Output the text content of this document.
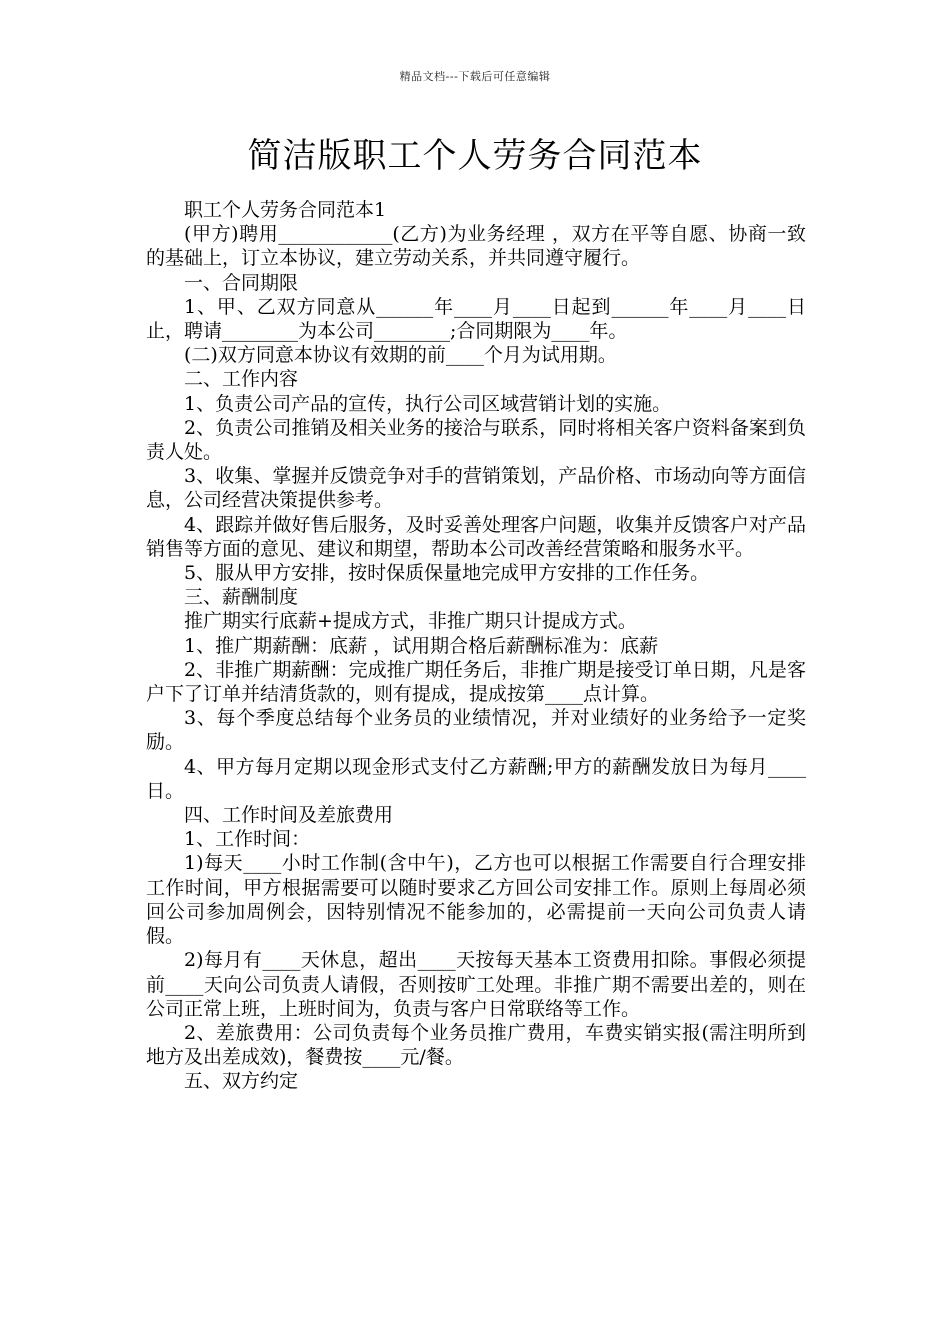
精品文档---下载后可任意编辑
简洁版职工个人劳务合同范本

职工个人劳务合同范本1

(甲方)聘用____________(乙方)为业务经理 ，双方在平等自愿、协商一致的基础上，订立本协议，建立劳动关系，并共同遵守履行。

一、合同期限

1、甲、乙双方同意从______年____月____日起到______年____月____日止，聘请________为本公司________;合同期限为____年。

(二)双方同意本协议有效期的前____个月为试用期。

二、工作内容

1、负责公司产品的宣传，执行公司区域营销计划的实施。

2、负责公司推销及相关业务的接洽与联系，同时将相关客户资料备案到负责人处。

3、收集、掌握并反馈竞争对手的营销策划，产品价格、市场动向等方面信息，公司经营决策提供参考。

4、跟踪并做好售后服务，及时妥善处理客户问题，收集并反馈客户对产品销售等方面的意见、建议和期望，帮助本公司改善经营策略和服务水平。

5、服从甲方安排，按时保质保量地完成甲方安排的工作任务。

三、薪酬制度

推广期实行底薪+提成方式，非推广期只计提成方式。

1、推广期薪酬：底薪 ，试用期合格后薪酬标准为：底薪

2、非推广期薪酬：完成推广期任务后，非推广期是接受订单日期，凡是客户下了订单并结清货款的，则有提成，提成按第____点计算。

3、每个季度总结每个业务员的业绩情况，并对业绩好的业务给予一定奖励。

4、甲方每月定期以现金形式支付乙方薪酬;甲方的薪酬发放日为每月____日。

四、工作时间及差旅费用

1、工作时间：

1)每天____小时工作制(含中午)，乙方也可以根据工作需要自行合理安排工作时间，甲方根据需要可以随时要求乙方回公司安排工作。原则上每周必须回公司参加周例会，因特别情况不能参加的，必需提前一天向公司负责人请假。

2)每月有____天休息，超出____天按每天基本工资费用扣除。事假必须提前____天向公司负责人请假，否则按旷工处理。非推广期不需要出差的，则在公司正常上班，上班时间为，负责与客户日常联络等工作。

2、差旅费用：公司负责每个业务员推广费用，车费实销实报(需注明所到地方及出差成效)，餐费按____元/餐。

五、双方约定
